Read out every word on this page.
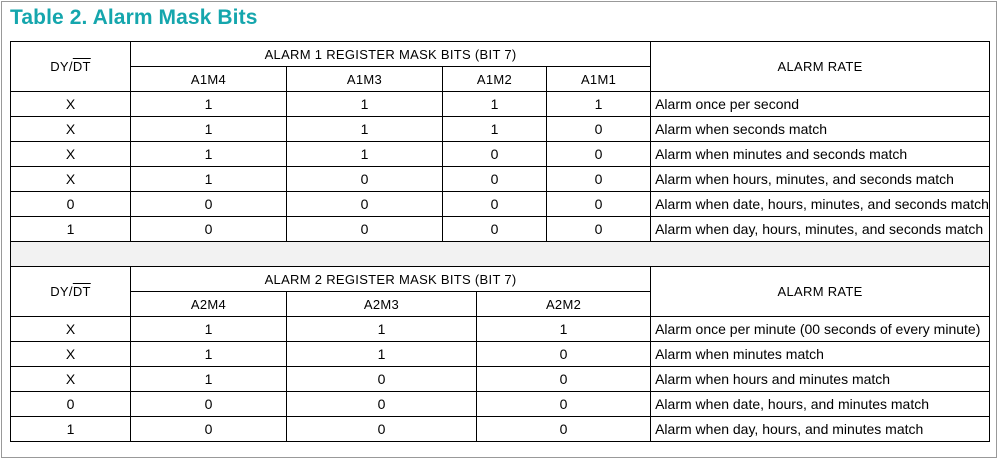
Table 2. Alarm Mask Bits
$DY/\overline{DT}$	ALARM 1 REGISTER MASK BITS (BIT 7)					ALARM RATE
	A1M4	A1M3	A1M2		A1M1	
X	1	1	1		1	Alarm once per second
X	1	1	1		0	Alarm when seconds match
X	1	1	0		0	Alarm when minutes and seconds match
X	1	0	0		0	Alarm when hours, minutes, and seconds match
0	0	0	0		0	Alarm when date, hours, minutes, and seconds match
1	0	0	0		0	Alarm when day, hours, minutes, and seconds match

$DY/\overline{DT}$	ALARM 2 REGISTER MASK BITS (BIT 7)					ALARM RATE
	A2M4	A2M3		A2M2		
X	1	1		1		Alarm once per minute (00 seconds of every minute)
X	1	1		0		Alarm when minutes match
X	1	0		0		Alarm when hours and minutes match
0	0	0		0		Alarm when date, hours, and minutes match
1	0	0		0		Alarm when day, hours, and minutes match
